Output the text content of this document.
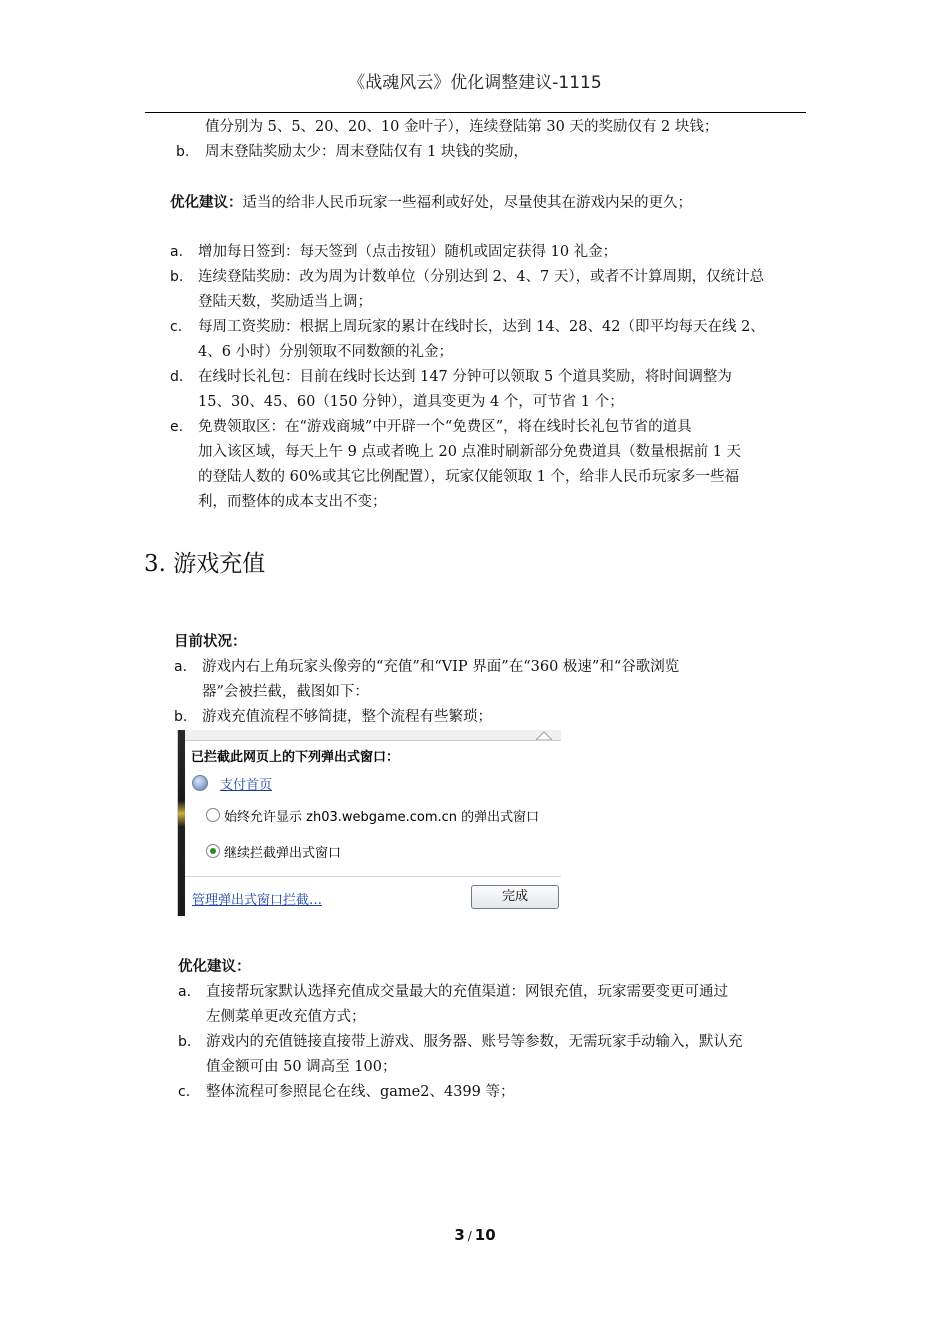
《战魂风云》优化调整建议-1115
值分别为 5、5、20、20、10 金叶子），连续登陆第 30 天的奖励仅有 2 块钱；
b. 周末登陆奖励太少：周末登陆仅有 1 块钱的奖励，
优化建议：适当的给非人民币玩家一些福利或好处，尽量使其在游戏内呆的更久；
a. 增加每日签到：每天签到（点击按钮）随机或固定获得 10 礼金；
b. 连续登陆奖励：改为周为计数单位（分别达到 2、4、7 天），或者不计算周期，仅统计总
登陆天数，奖励适当上调；
c. 每周工资奖励：根据上周玩家的累计在线时长，达到 14、28、42（即平均每天在线 2、
4、6 小时）分别领取不同数额的礼金；
d. 在线时长礼包：目前在线时长达到 147 分钟可以领取 5 个道具奖励，将时间调整为
15、30、45、60（150 分钟），道具变更为 4 个，可节省 1 个；
e. 免费领取区：在“游戏商城”中开辟一个“免费区”，将在线时长礼包节省的道具
加入该区域，每天上午 9 点或者晚上 20 点准时刷新部分免费道具（数量根据前 1 天
的登陆人数的 60%或其它比例配置），玩家仅能领取 1 个，给非人民币玩家多一些福
利，而整体的成本支出不变；
3. 游戏充值
目前状况：
a. 游戏内右上角玩家头像旁的“充值”和“VIP 界面”在“360 极速”和“谷歌浏览
器”会被拦截，截图如下：
b. 游戏充值流程不够简捷，整个流程有些繁琐；
已拦截此网页上的下列弹出式窗口：
支付首页
始终允许显示 zh03.webgame.com.cn 的弹出式窗口
继续拦截弹出式窗口
管理弹出式窗口拦截…	完成
优化建议：
a. 直接帮玩家默认选择充值成交量最大的充值渠道：网银充值，玩家需要变更可通过
左侧菜单更改充值方式；
b. 游戏内的充值链接直接带上游戏、服务器、账号等参数，无需玩家手动输入，默认充
值金额可由 50 调高至 100；
c. 整体流程可参照昆仑在线、game2、4399 等；
3 / 10
